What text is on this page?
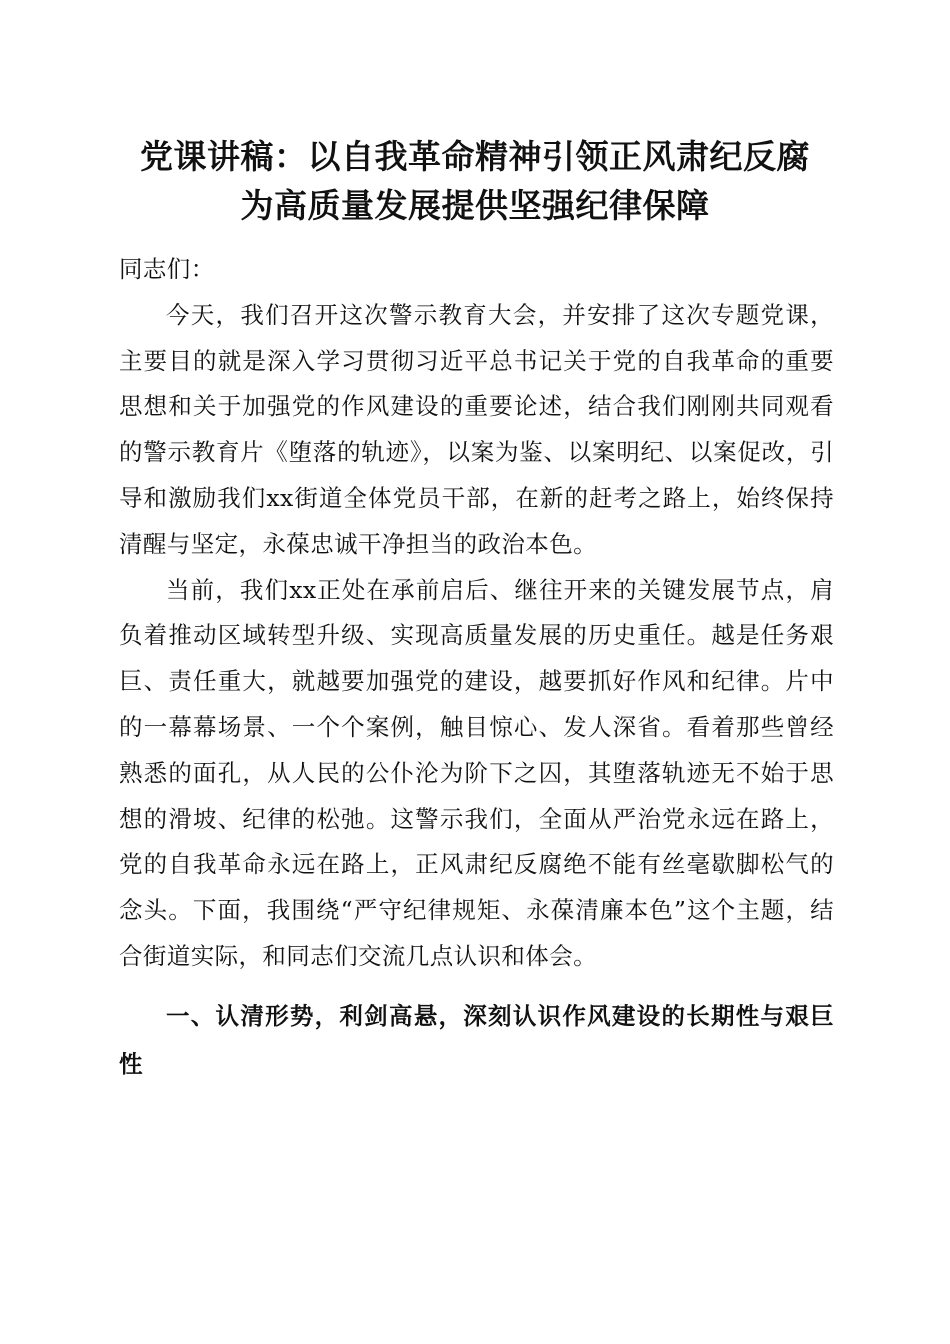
党课讲稿：以自我革命精神引领正风肃纪反腐
为高质量发展提供坚强纪律保障

同志们：

今天，我们召开这次警示教育大会，并安排了这次专题党课，主要目的就是深入学习贯彻习近平总书记关于党的自我革命的重要思想和关于加强党的作风建设的重要论述，结合我们刚刚共同观看的警示教育片《堕落的轨迹》，以案为鉴、以案明纪、以案促改，引导和激励我们xx街道全体党员干部，在新的赶考之路上，始终保持清醒与坚定，永葆忠诚干净担当的政治本色。

当前，我们xx正处在承前启后、继往开来的关键发展节点，肩负着推动区域转型升级、实现高质量发展的历史重任。越是任务艰巨、责任重大，就越要加强党的建设，越要抓好作风和纪律。片中的一幕幕场景、一个个案例，触目惊心、发人深省。看着那些曾经熟悉的面孔，从人民的公仆沦为阶下之囚，其堕落轨迹无不始于思想的滑坡、纪律的松弛。这警示我们，全面从严治党永远在路上，党的自我革命永远在路上，正风肃纪反腐绝不能有丝毫歇脚松气的念头。下面，我围绕“严守纪律规矩、永葆清廉本色”这个主题，结合街道实际，和同志们交流几点认识和体会。

一、认清形势，利剑高悬，深刻认识作风建设的长期性与艰巨性
